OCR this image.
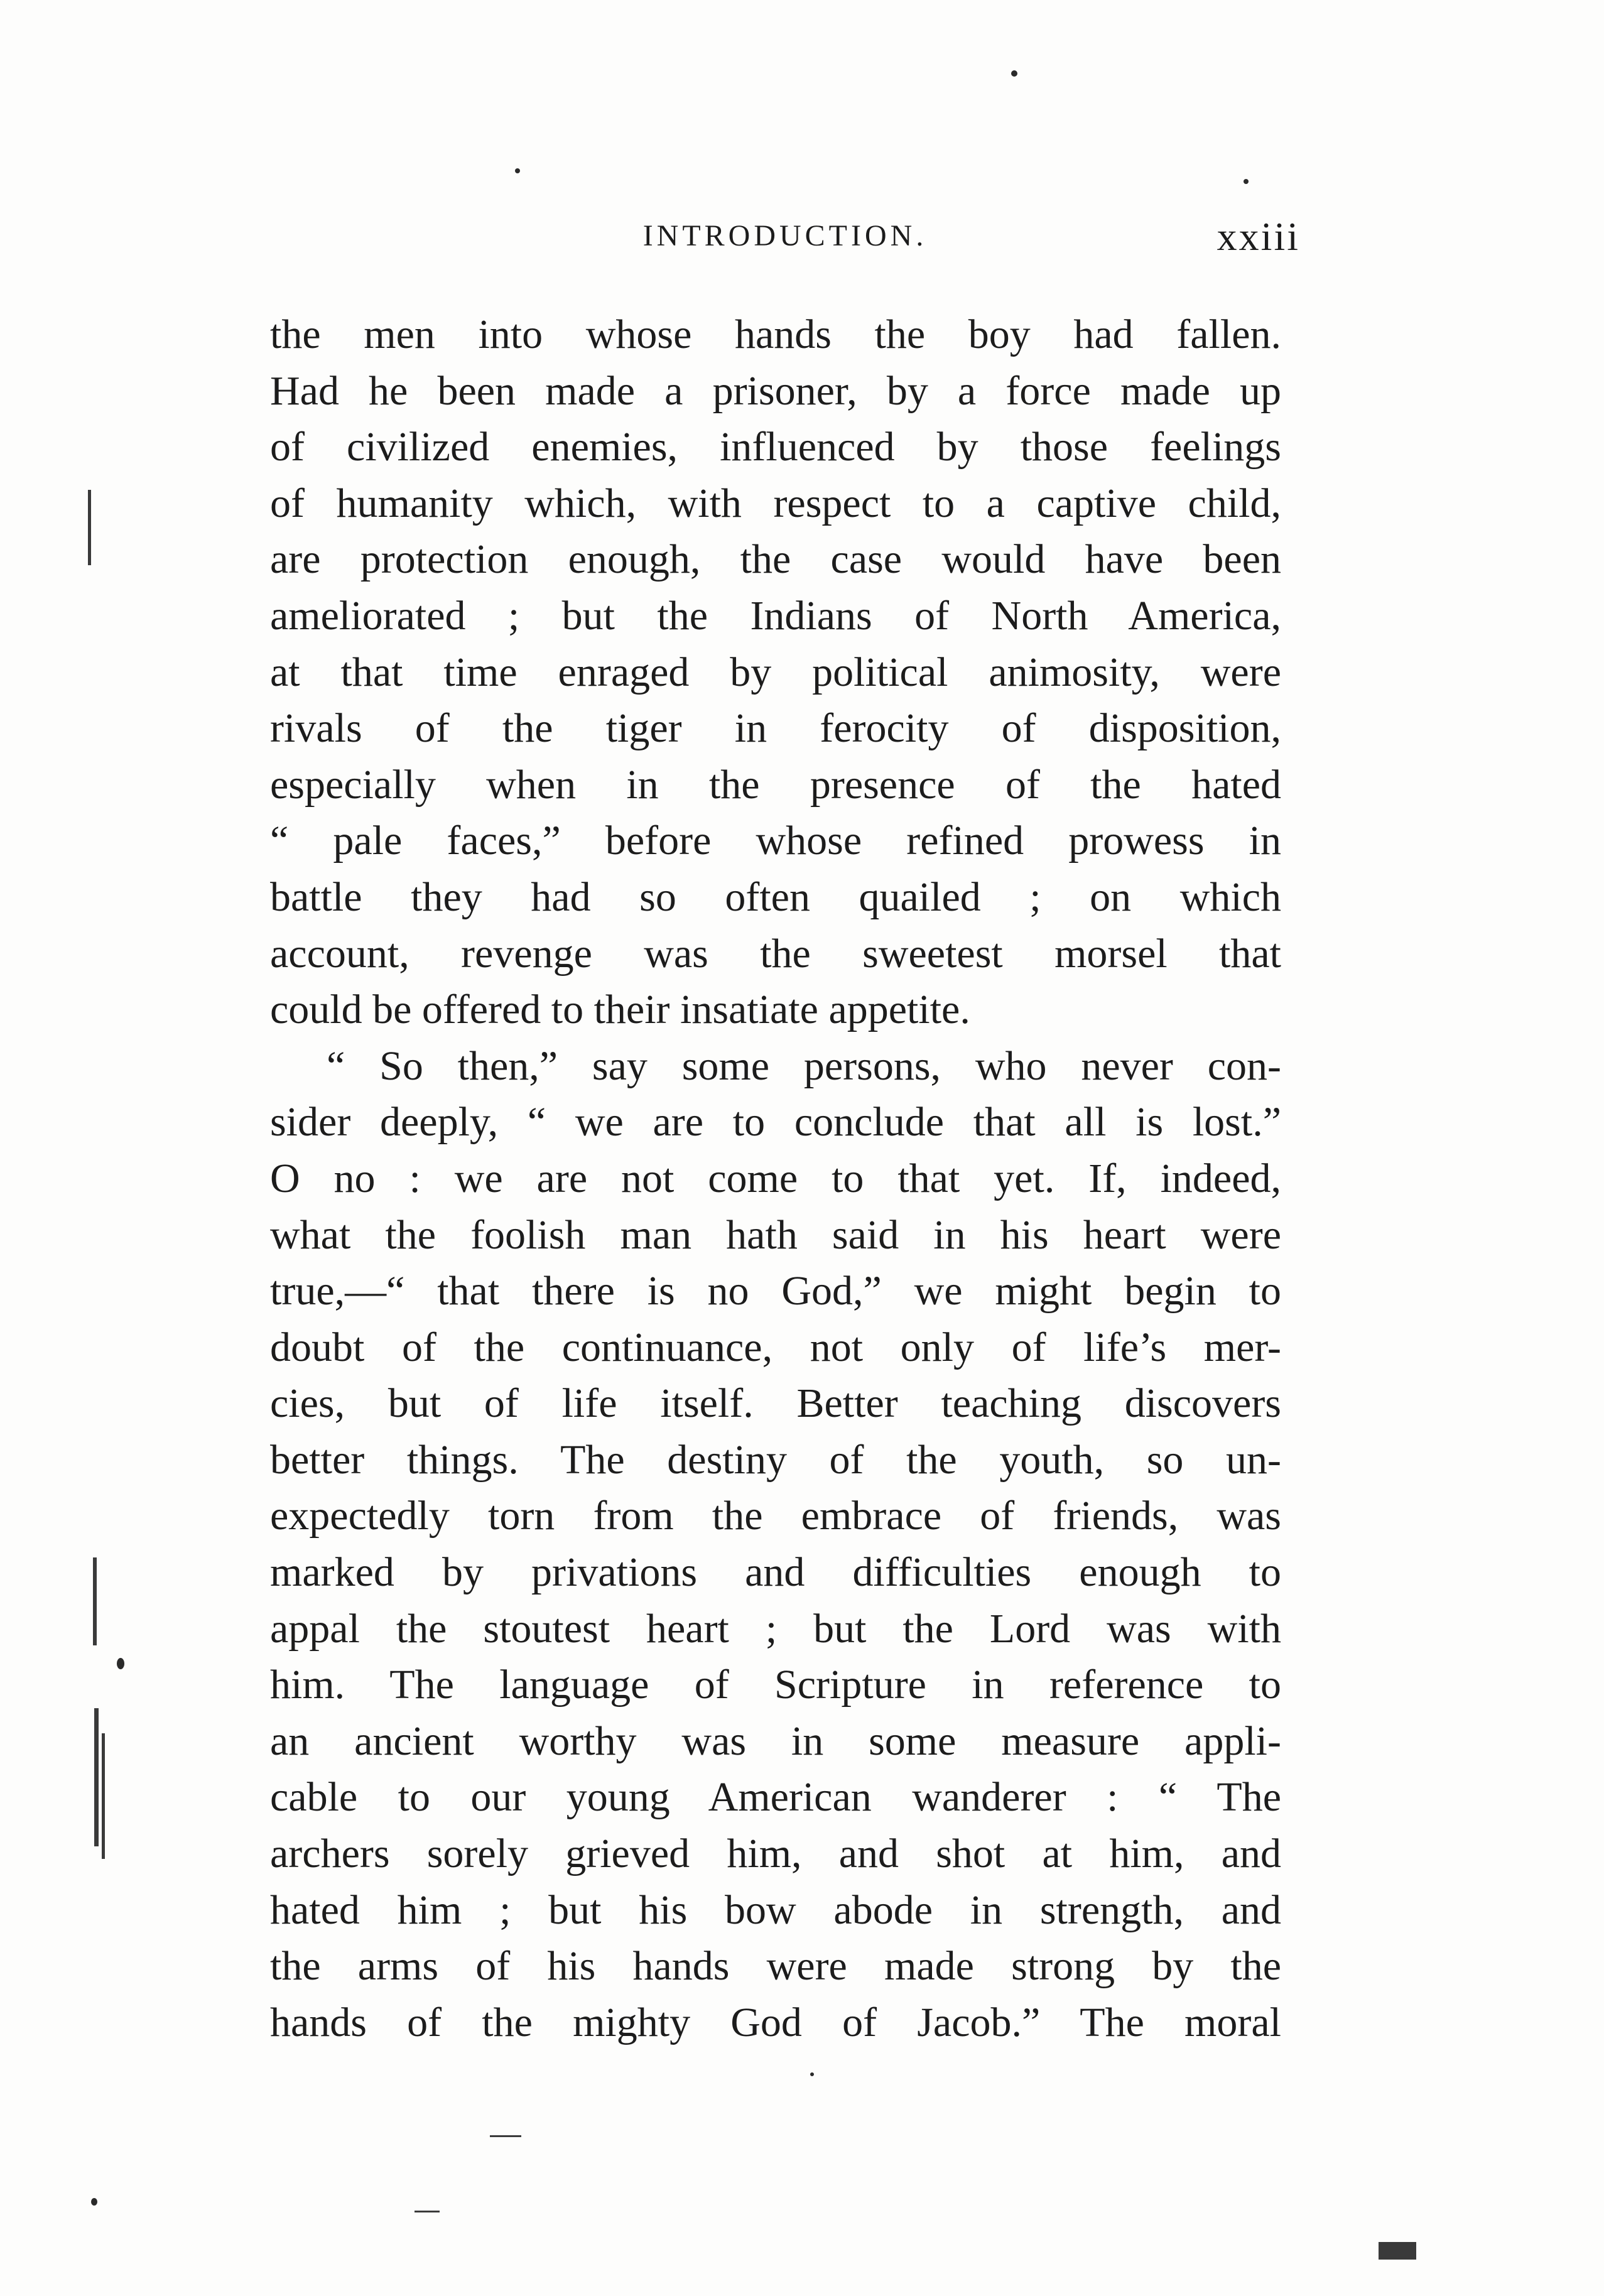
INTRODUCTION.	xxiii
the men into whose hands the boy had fallen.
Had he been made a prisoner, by a force made up
of civilized enemies, influenced by those feelings
of humanity which, with respect to a captive child,
are protection enough, the case would have been
ameliorated ; but the Indians of North America,
at that time enraged by political animosity, were
rivals of the tiger in ferocity of disposition,
especially when in the presence of the hated
“ pale faces,” before whose refined prowess in
battle they had so often quailed ; on which
account, revenge was the sweetest morsel that
could be offered to their insatiate appetite.
“ So then,” say some persons, who never con-
sider deeply, “ we are to conclude that all is lost.”
O no : we are not come to that yet. If, indeed,
what the foolish man hath said in his heart were
true,—“ that there is no God,” we might begin to
doubt of the continuance, not only of life’s mer-
cies, but of life itself. Better teaching discovers
better things. The destiny of the youth, so un-
expectedly torn from the embrace of friends, was
marked by privations and difficulties enough to
appal the stoutest heart ; but the Lord was with
him. The language of Scripture in reference to
an ancient worthy was in some measure appli-
cable to our young American wanderer : “ The
archers sorely grieved him, and shot at him, and
hated him ; but his bow abode in strength, and
the arms of his hands were made strong by the
hands of the mighty God of Jacob.” The moral
